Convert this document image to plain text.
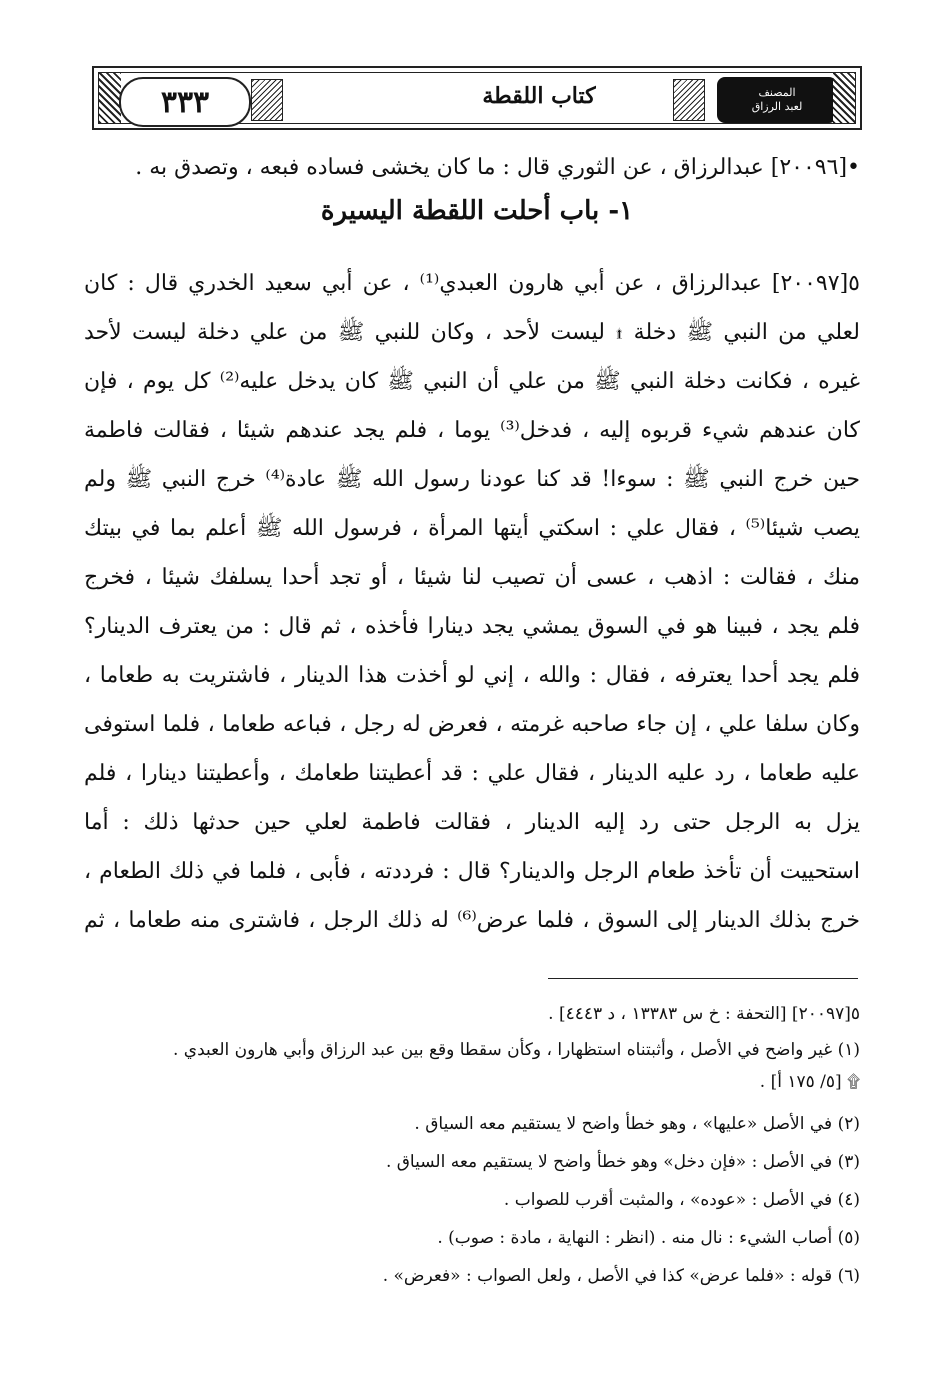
٣٣٣	كتاب اللقطة	المصنف
لعبد الرزاق
•[٢٠٠٩٦] عبدالرزاق ، عن الثوري قال : ما كان يخشى فساده فبعه ، وتصدق به .
١- باب أحلت اللقطة اليسيرة
٥[٢٠٠٩٧] عبدالرزاق ، عن أبي هارون العبدي⁽¹⁾ ، عن أبي سعيد الخدري قال : كان
لعلي من النبي ﷺ دخلة ۩ ليست لأحد ، وكان للنبي ﷺ من علي دخلة ليست لأحد
غيره ، فكانت دخلة النبي ﷺ من علي أن النبي ﷺ كان يدخل عليه⁽²⁾ كل يوم ، فإن
كان عندهم شيء قربوه إليه ، فدخل⁽³⁾ يوما ، فلم يجد عندهم شيئا ، فقالت فاطمة
حين خرج النبي ﷺ : سوءا! قد كنا عودنا رسول الله ﷺ عادة⁽⁴⁾ خرج النبي ﷺ ولم
يصب شيئا⁽⁵⁾ ، فقال علي : اسكتي أيتها المرأة ، فرسول الله ﷺ أعلم بما في بيتك
منك ، فقالت : اذهب ، عسى أن تصيب لنا شيئا ، أو تجد أحدا يسلفك شيئا ، فخرج
فلم يجد ، فبينا هو في السوق يمشي يجد دينارا فأخذه ، ثم قال : من يعترف الدينار؟
فلم يجد أحدا يعترفه ، فقال : والله ، إني لو أخذت هذا الدينار ، فاشتريت به طعاما ،
وكان سلفا علي ، إن جاء صاحبه غرمته ، فعرض له رجل ، فباعه طعاما ، فلما استوفى
عليه طعاما ، رد عليه الدينار ، فقال علي : قد أعطيتنا طعامك ، وأعطيتنا دينارا ، فلم
يزل به الرجل حتى رد إليه الدينار ، فقالت فاطمة لعلي حين حدثها ذلك : أما
استحييت أن تأخذ طعام الرجل والدينار؟ قال : فرددته ، فأبى ، فلما في ذلك الطعام ،
خرج بذلك الدينار إلى السوق ، فلما عرض⁽⁶⁾ له ذلك الرجل ، فاشترى منه طعاما ، ثم
٥[٢٠٠٩٧] [التحفة : خ س ١٣٣٨٣ ، د ٤٤٤٣] .
(١) غير واضح في الأصل ، وأثبتناه استظهارا ، وكأن سقطا وقع بين عبد الرزاق وأبي هارون العبدي .
۩ [٥/ ١٧٥ أ] .
(٢) في الأصل «عليها» ، وهو خطأ واضح لا يستقيم معه السياق .
(٣) في الأصل : «فإن دخل» وهو خطأ واضح لا يستقيم معه السياق .
(٤) في الأصل : «عوده» ، والمثبت أقرب للصواب .
(٥) أصاب الشيء : نال منه . (انظر : النهاية ، مادة : صوب) .
(٦) قوله : «فلما عرض» كذا في الأصل ، ولعل الصواب : «فعرض» .
